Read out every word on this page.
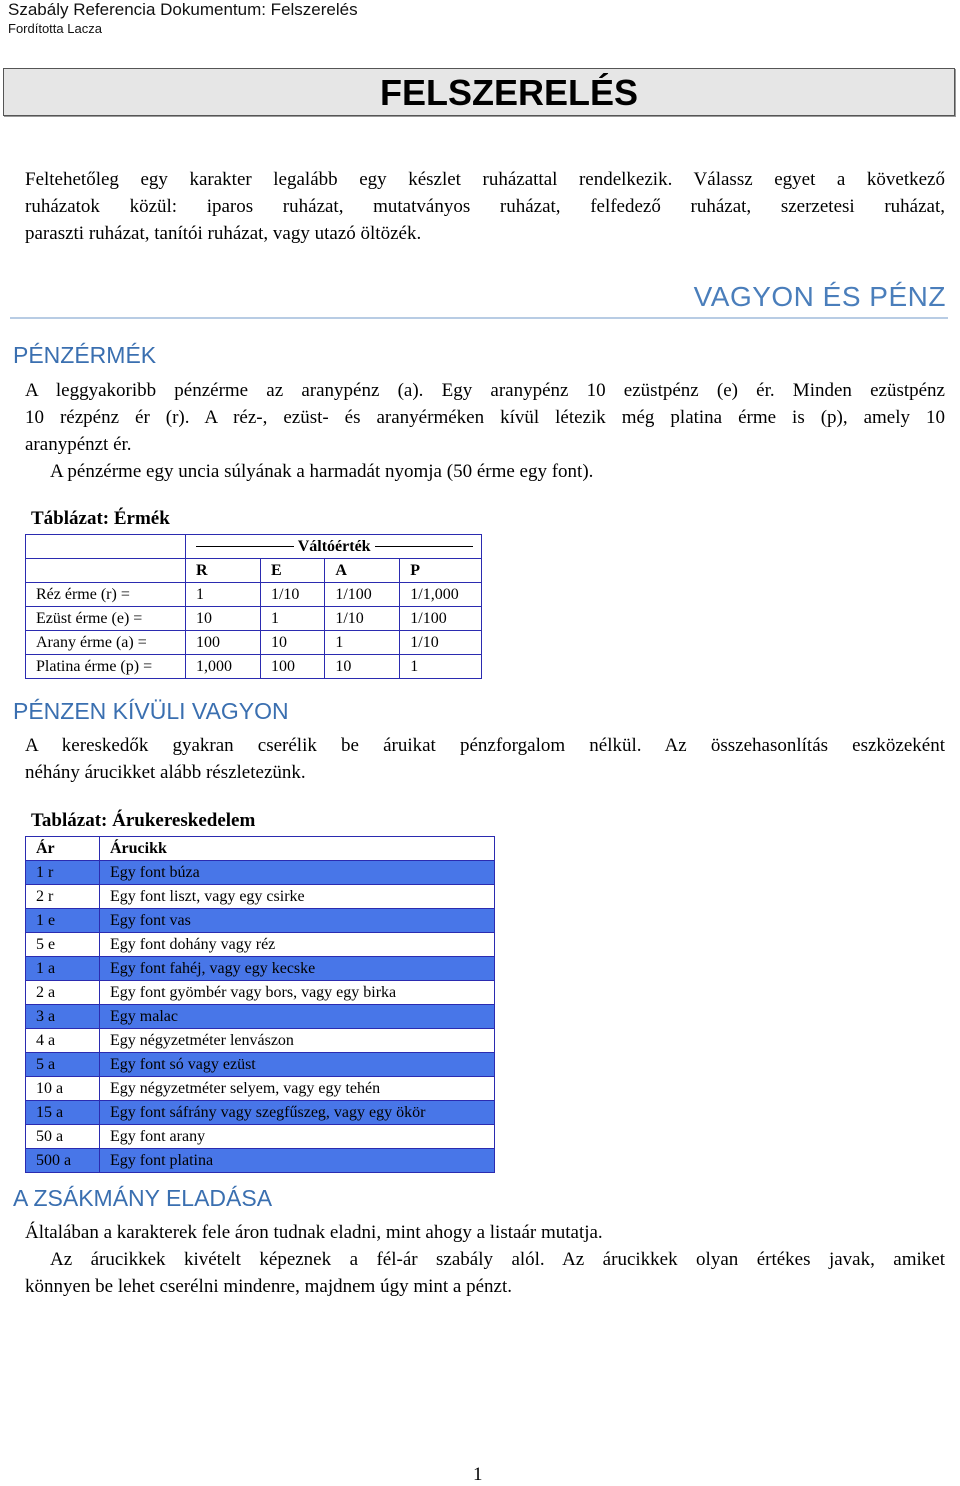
Szabály Referencia Dokumentum: Felszerelés
Fordította Lacza
FELSZERELÉS

Feltehetőleg egy karakter legalább egy készlet ruházattal rendelkezik. Válassz egyet a következő

ruházatok közül: iparos ruházat, mutatványos ruházat, felfedező ruházat, szerzetesi ruházat,

paraszti ruházat, tanítói ruházat, vagy utazó öltözék.

VAGYON ÉS PÉNZ
PÉNZÉRMÉK

A leggyakoribb pénzérme az aranypénz (a). Egy aranypénz 10 ezüstpénz (e) ér. Minden ezüstpénz

10 rézpénz ér (r). A réz-, ezüst- és aranyérméken kívül létezik még platina érme is (p), amely 10

aranypénzt ér.

A pénzérme egy uncia súlyának a harmadát nyomja (50 érme egy font).

Táblázat: Érmék
	Váltóérték			
	R	E	A	P
Réz érme (r) =	1	1/10	1/100	1/1,000
Ezüst érme (e) =	10	1	1/10	1/100
Arany érme (a) =	100	10	1	1/10
Platina érme (p) =	1,000	100	10	1
PÉNZEN KÍVÜLI VAGYON

A kereskedők gyakran cserélik be áruikat pénzforgalom nélkül. Az összehasonlítás eszközeként

néhány árucikket alább részletezünk.

Tablázat: Árukereskedelem
Ár	Árucikk
1 r	Egy font búza
2 r	Egy font liszt, vagy egy csirke
1 e	Egy font vas
5 e	Egy font dohány vagy réz
1 a	Egy font fahéj, vagy egy kecske
2 a	Egy font gyömbér vagy bors, vagy egy birka
3 a	Egy malac
4 a	Egy négyzetméter lenvászon
5 a	Egy font só vagy ezüst
10 a	Egy négyzetméter selyem, vagy egy tehén
15 a	Egy font sáfrány vagy szegfűszeg, vagy egy ökör
50 a	Egy font arany
500 a	Egy font platina
A ZSÁKMÁNY ELADÁSA

Általában a karakterek fele áron tudnak eladni, mint ahogy a listaár mutatja.

Az árucikkek kivételt képeznek a fél-ár szabály alól. Az árucikkek olyan értékes javak, amiket

könnyen be lehet cserélni mindenre, majdnem úgy mint a pénzt.

1
